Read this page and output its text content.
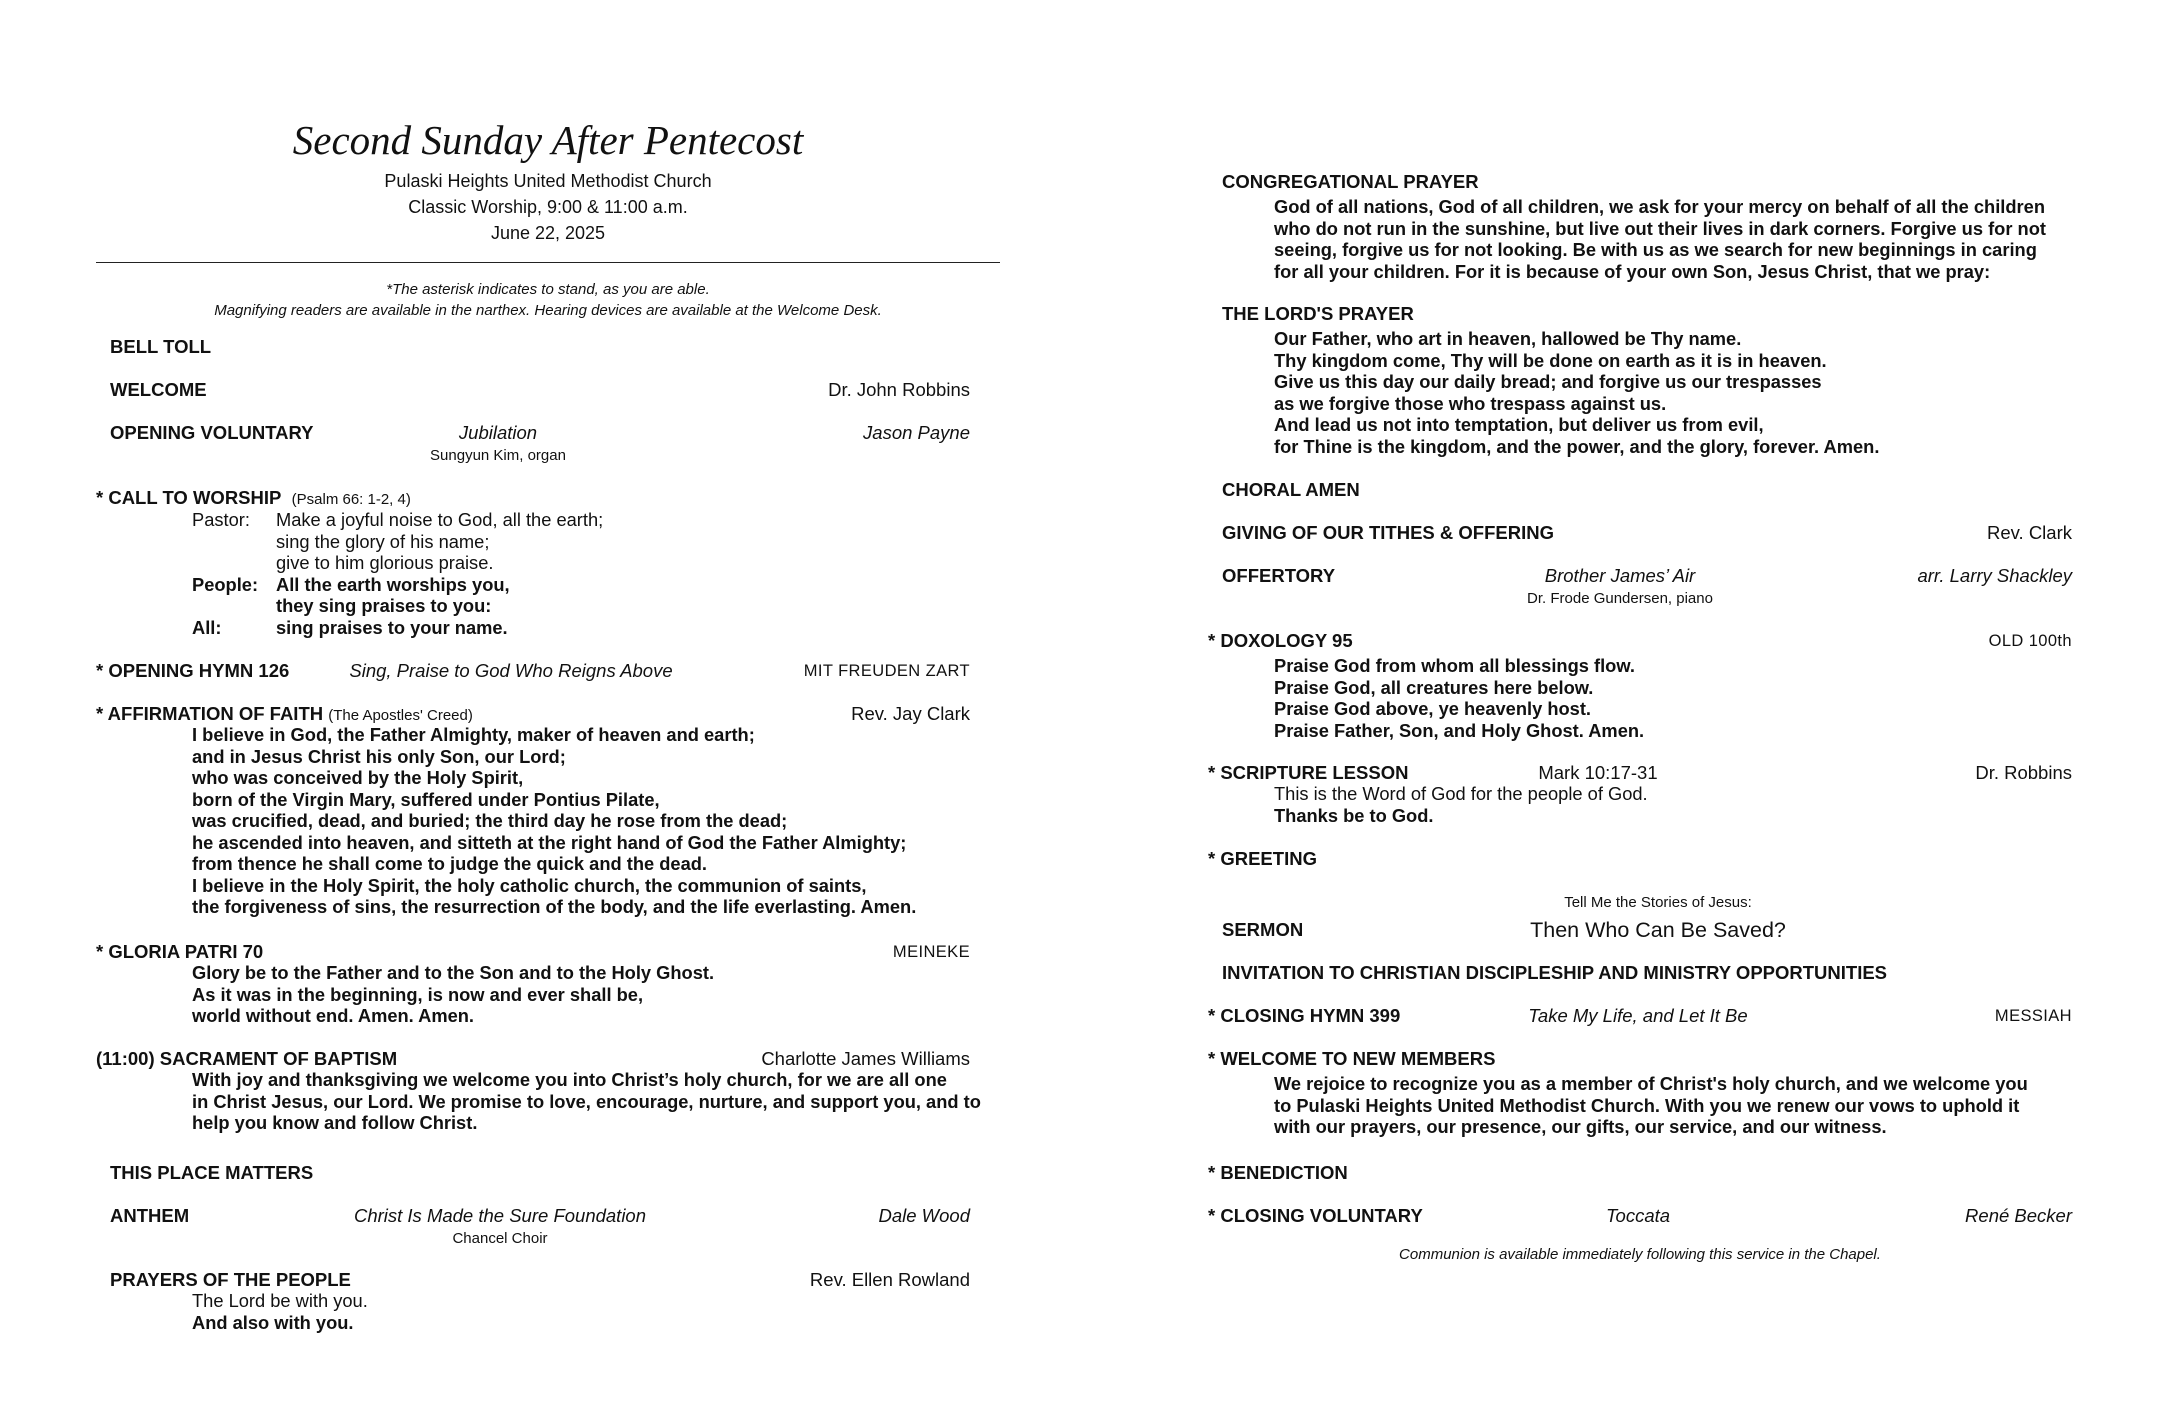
Second Sunday After Pentecost
Pulaski Heights United Methodist Church
Classic Worship, 9:00 & 11:00 a.m.
June 22, 2025
*The asterisk indicates to stand, as you are able.
Magnifying readers are available in the narthex. Hearing devices are available at the Welcome Desk.
BELL TOLL
WELCOME	Dr. John Robbins
OPENING VOLUNTARY	Jubilation	Jason Payne
Sungyun Kim, organ
* CALL TO WORSHIP (Psalm 66: 1-2, 4)
Pastor:	Make a joyful noise to God, all the earth;
sing the glory of his name;
give to him glorious praise.
People: All the earth worships you,
they sing praises to you:
All:	sing praises to your name.
* OPENING HYMN 126	Sing, Praise to God Who Reigns Above	MIT FREUDEN ZART
* AFFIRMATION OF FAITH (The Apostles' Creed)	Rev. Jay Clark
I believe in God, the Father Almighty, maker of heaven and earth;
and in Jesus Christ his only Son, our Lord;
who was conceived by the Holy Spirit,
born of the Virgin Mary, suffered under Pontius Pilate,
was crucified, dead, and buried; the third day he rose from the dead;
he ascended into heaven, and sitteth at the right hand of God the Father Almighty;
from thence he shall come to judge the quick and the dead.
I believe in the Holy Spirit, the holy catholic church, the communion of saints,
the forgiveness of sins, the resurrection of the body, and the life everlasting. Amen.
* GLORIA PATRI 70	MEINEKE
Glory be to the Father and to the Son and to the Holy Ghost.
As it was in the beginning, is now and ever shall be,
world without end. Amen. Amen.
(11:00) SACRAMENT OF BAPTISM	Charlotte James Williams
With joy and thanksgiving we welcome you into Christ’s holy church, for we are all one
in Christ Jesus, our Lord. We promise to love, encourage, nurture, and support you, and to
help you know and follow Christ.
THIS PLACE MATTERS
ANTHEM	Christ Is Made the Sure Foundation	Dale Wood
Chancel Choir
PRAYERS OF THE PEOPLE	Rev. Ellen Rowland
The Lord be with you.
And also with you.
CONGREGATIONAL PRAYER
God of all nations, God of all children, we ask for your mercy on behalf of all the children
who do not run in the sunshine, but live out their lives in dark corners. Forgive us for not
seeing, forgive us for not looking. Be with us as we search for new beginnings in caring
for all your children. For it is because of your own Son, Jesus Christ, that we pray:
THE LORD'S PRAYER
Our Father, who art in heaven, hallowed be Thy name.
Thy kingdom come, Thy will be done on earth as it is in heaven.
Give us this day our daily bread; and forgive us our trespasses
as we forgive those who trespass against us.
And lead us not into temptation, but deliver us from evil,
for Thine is the kingdom, and the power, and the glory, forever. Amen.
CHORAL AMEN
GIVING OF OUR TITHES & OFFERING	Rev. Clark
OFFERTORY	Brother James’ Air	arr. Larry Shackley
Dr. Frode Gundersen, piano
* DOXOLOGY 95	OLD 100th
Praise God from whom all blessings flow.
Praise God, all creatures here below.
Praise God above, ye heavenly host.
Praise Father, Son, and Holy Ghost. Amen.
* SCRIPTURE LESSON	Mark 10:17-31	Dr. Robbins
This is the Word of God for the people of God.
Thanks be to God.
* GREETING
Tell Me the Stories of Jesus:
SERMON	Then Who Can Be Saved?
INVITATION TO CHRISTIAN DISCIPLESHIP AND MINISTRY OPPORTUNITIES
* CLOSING HYMN 399	Take My Life, and Let It Be	MESSIAH
* WELCOME TO NEW MEMBERS
We rejoice to recognize you as a member of Christ's holy church, and we welcome you
to Pulaski Heights United Methodist Church. With you we renew our vows to uphold it
with our prayers, our presence, our gifts, our service, and our witness.
* BENEDICTION
* CLOSING VOLUNTARY	Toccata	René Becker
Communion is available immediately following this service in the Chapel.
